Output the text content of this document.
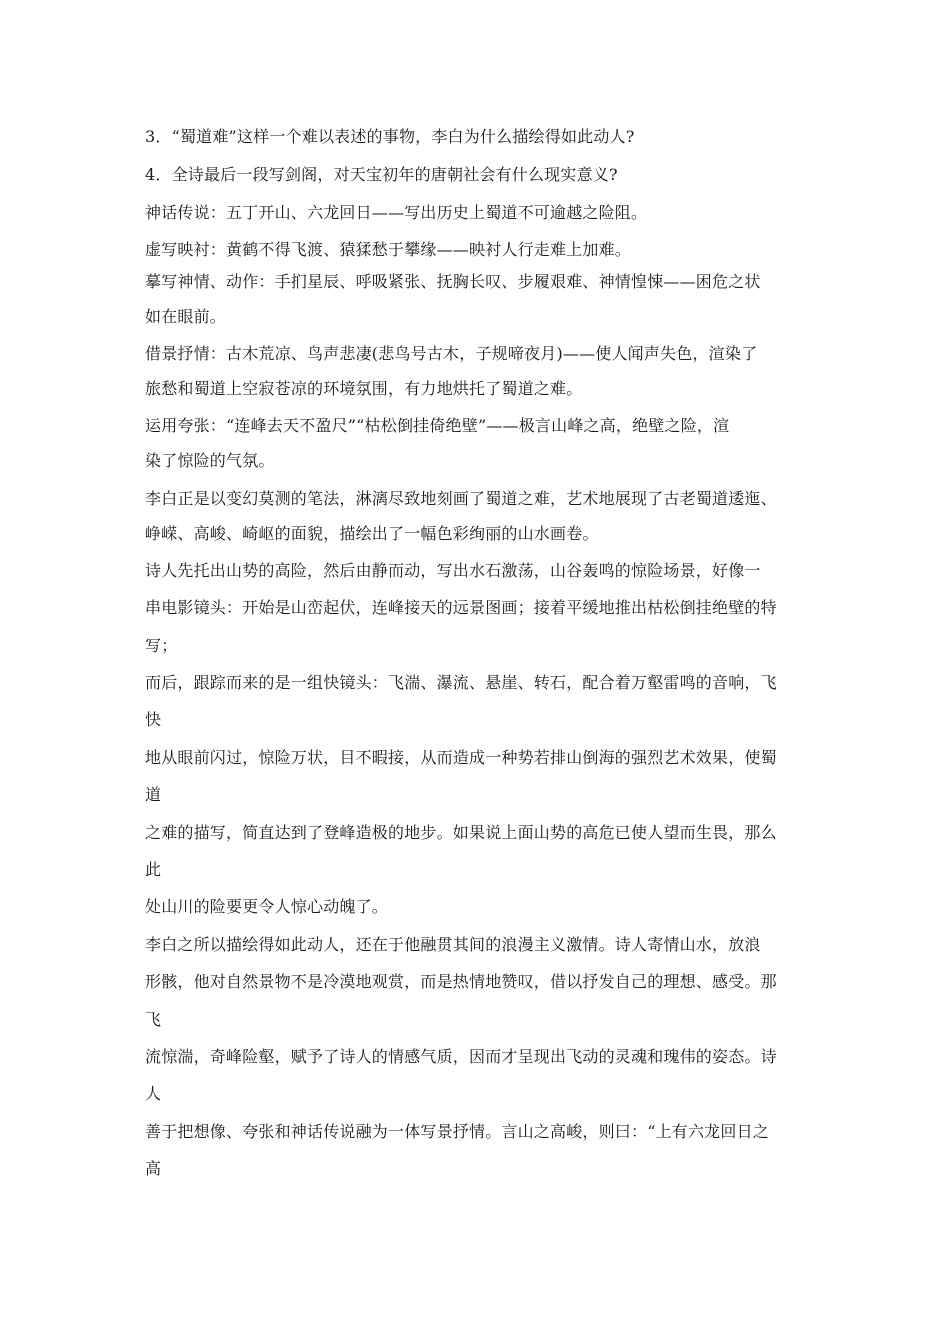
3．“蜀道难”这样一个难以表述的事物，李白为什么描绘得如此动人?
4．全诗最后一段写剑阁，对天宝初年的唐朝社会有什么现实意义?
神话传说：五丁开山、六龙回日——写出历史上蜀道不可逾越之险阻。
虚写映衬：黄鹤不得飞渡、猿猱愁于攀缘——映衬人行走难上加难。
摹写神情、动作：手扪星辰、呼吸紧张、抚胸长叹、步履艰难、神情惶悚——困危之状
如在眼前。
借景抒情：古木荒凉、鸟声悲凄(悲鸟号古木，子规啼夜月)——使人闻声失色，渲染了
旅愁和蜀道上空寂苍凉的环境氛围，有力地烘托了蜀道之难。
运用夸张：“连峰去天不盈尺”“枯松倒挂倚绝壁”——极言山峰之高，绝壁之险，渲
染了惊险的气氛。
李白正是以变幻莫测的笔法，淋漓尽致地刻画了蜀道之难，艺术地展现了古老蜀道逶迤、
峥嵘、高峻、崎岖的面貌，描绘出了一幅色彩绚丽的山水画卷。
诗人先托出山势的高险，然后由静而动，写出水石激荡，山谷轰鸣的惊险场景，好像一
串电影镜头：开始是山峦起伏，连峰接天的远景图画；接着平缓地推出枯松倒挂绝壁的特
写；
而后，跟踪而来的是一组快镜头：飞湍、瀑流、悬崖、转石，配合着万壑雷鸣的音响，飞
快
地从眼前闪过，惊险万状，目不暇接，从而造成一种势若排山倒海的强烈艺术效果，使蜀
道
之难的描写，简直达到了登峰造极的地步。如果说上面山势的高危已使人望而生畏，那么
此
处山川的险要更令人惊心动魄了。
李白之所以描绘得如此动人，还在于他融贯其间的浪漫主义激情。诗人寄情山水，放浪
形骸，他对自然景物不是冷漠地观赏，而是热情地赞叹，借以抒发自己的理想、感受。那
飞
流惊湍，奇峰险壑，赋予了诗人的情感气质，因而才呈现出飞动的灵魂和瑰伟的姿态。诗
人
善于把想像、夸张和神话传说融为一体写景抒情。言山之高峻，则曰：“上有六龙回日之
高
